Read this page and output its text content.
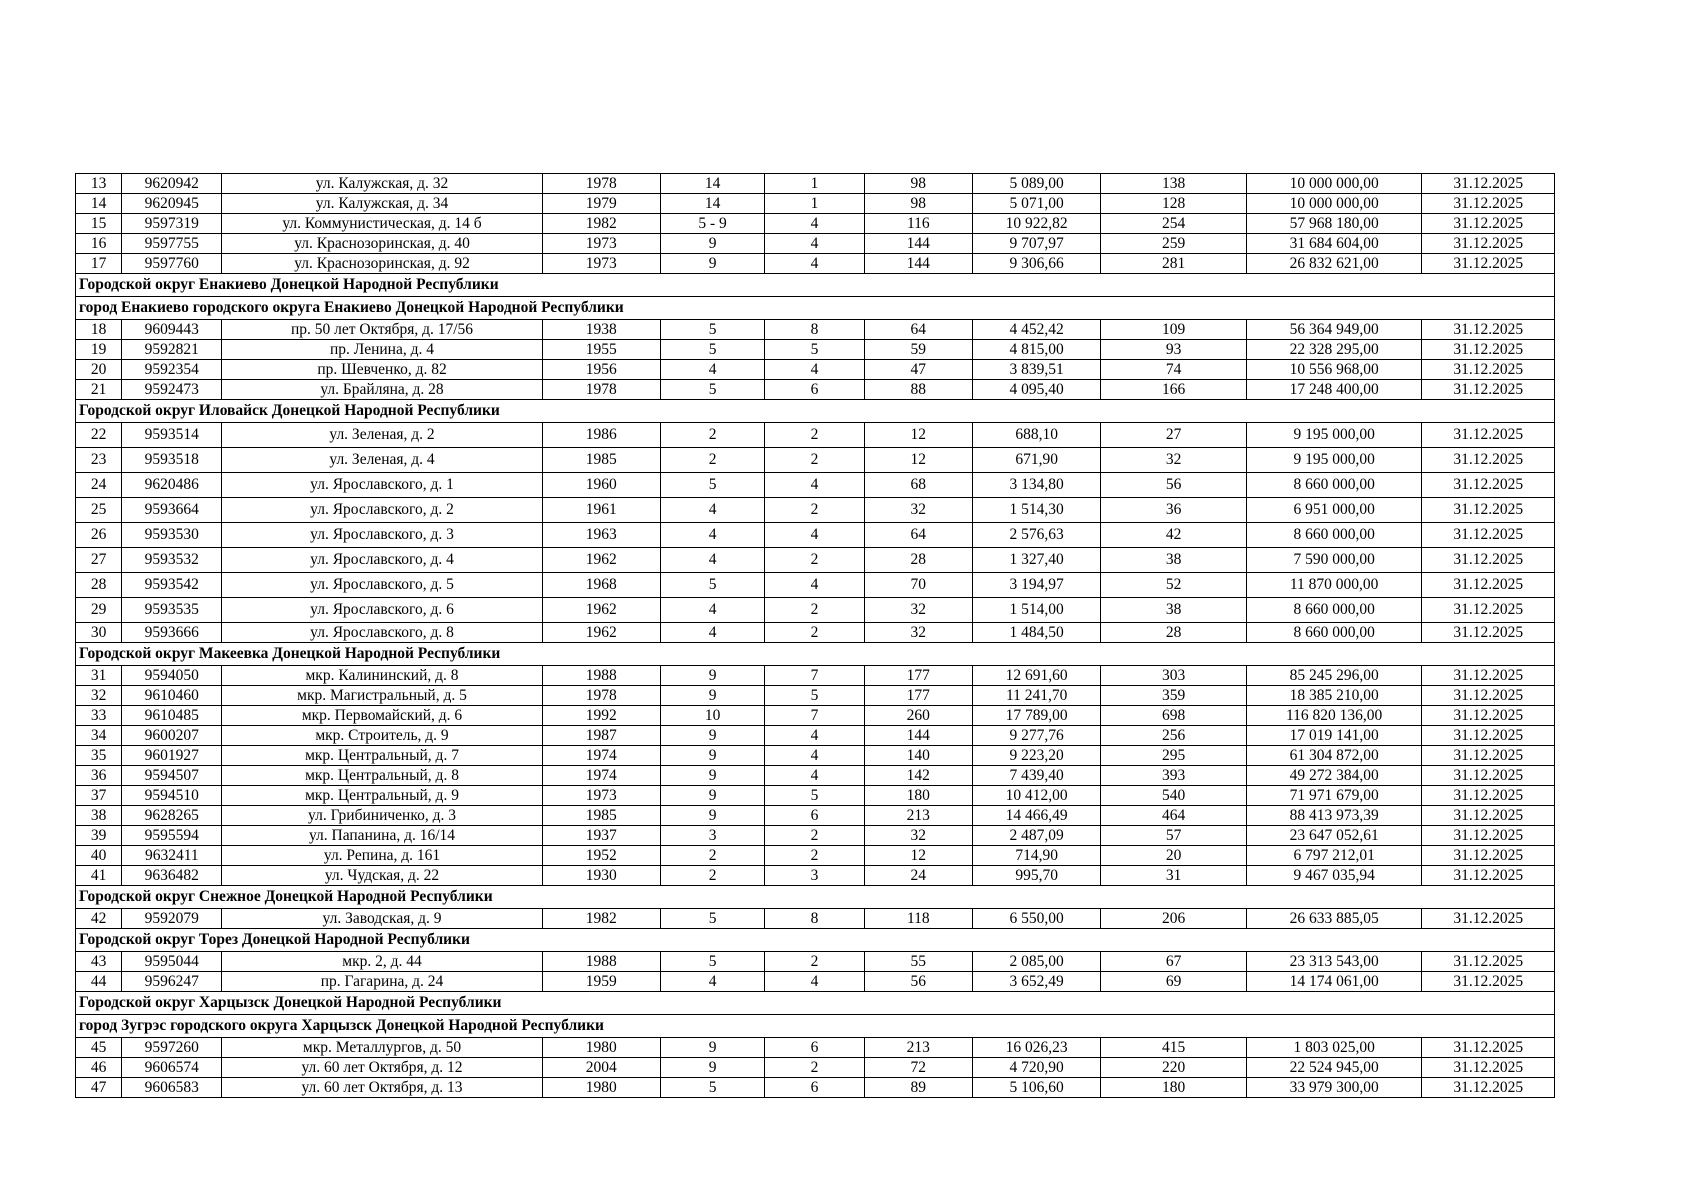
13	9620942	ул. Калужская, д. 32	1978	14	1	98	5 089,00	138	10 000 000,00	31.12.2025
14	9620945	ул. Калужская, д. 34	1979	14	1	98	5 071,00	128	10 000 000,00	31.12.2025
15	9597319	ул. Коммунистическая, д. 14 б	1982	5 - 9	4	116	10 922,82	254	57 968 180,00	31.12.2025
16	9597755	ул. Краснозоринская, д. 40	1973	9	4	144	9 707,97	259	31 684 604,00	31.12.2025
17	9597760	ул. Краснозоринская, д. 92	1973	9	4	144	9 306,66	281	26 832 621,00	31.12.2025
Городской округ Енакиево Донецкой Народной Республики										
город Енакиево городского округа Енакиево Донецкой Народной Республики										
18	9609443	пр. 50 лет Октября, д. 17/56	1938	5	8	64	4 452,42	109	56 364 949,00	31.12.2025
19	9592821	пр. Ленина, д. 4	1955	5	5	59	4 815,00	93	22 328 295,00	31.12.2025
20	9592354	пр. Шевченко, д. 82	1956	4	4	47	3 839,51	74	10 556 968,00	31.12.2025
21	9592473	ул. Брайляна, д. 28	1978	5	6	88	4 095,40	166	17 248 400,00	31.12.2025
Городской округ Иловайск Донецкой Народной Республики										
22	9593514	ул. Зеленая, д. 2	1986	2	2	12	688,10	27	9 195 000,00	31.12.2025
23	9593518	ул. Зеленая, д. 4	1985	2	2	12	671,90	32	9 195 000,00	31.12.2025
24	9620486	ул. Ярославского, д. 1	1960	5	4	68	3 134,80	56	8 660 000,00	31.12.2025
25	9593664	ул. Ярославского, д. 2	1961	4	2	32	1 514,30	36	6 951 000,00	31.12.2025
26	9593530	ул. Ярославского, д. 3	1963	4	4	64	2 576,63	42	8 660 000,00	31.12.2025
27	9593532	ул. Ярославского, д. 4	1962	4	2	28	1 327,40	38	7 590 000,00	31.12.2025
28	9593542	ул. Ярославского, д. 5	1968	5	4	70	3 194,97	52	11 870 000,00	31.12.2025
29	9593535	ул. Ярославского, д. 6	1962	4	2	32	1 514,00	38	8 660 000,00	31.12.2025
30	9593666	ул. Ярославского, д. 8	1962	4	2	32	1 484,50	28	8 660 000,00	31.12.2025
Городской округ Макеевка Донецкой Народной Республики										
31	9594050	мкр. Калининский, д. 8	1988	9	7	177	12 691,60	303	85 245 296,00	31.12.2025
32	9610460	мкр. Магистральный, д. 5	1978	9	5	177	11 241,70	359	18 385 210,00	31.12.2025
33	9610485	мкр. Первомайский, д. 6	1992	10	7	260	17 789,00	698	116 820 136,00	31.12.2025
34	9600207	мкр. Строитель, д. 9	1987	9	4	144	9 277,76	256	17 019 141,00	31.12.2025
35	9601927	мкр. Центральный, д. 7	1974	9	4	140	9 223,20	295	61 304 872,00	31.12.2025
36	9594507	мкр. Центральный, д. 8	1974	9	4	142	7 439,40	393	49 272 384,00	31.12.2025
37	9594510	мкр. Центральный, д. 9	1973	9	5	180	10 412,00	540	71 971 679,00	31.12.2025
38	9628265	ул. Грибиниченко, д. 3	1985	9	6	213	14 466,49	464	88 413 973,39	31.12.2025
39	9595594	ул. Папанина, д. 16/14	1937	3	2	32	2 487,09	57	23 647 052,61	31.12.2025
40	9632411	ул. Репина, д. 161	1952	2	2	12	714,90	20	6 797 212,01	31.12.2025
41	9636482	ул. Чудская, д. 22	1930	2	3	24	995,70	31	9 467 035,94	31.12.2025
Городской округ Снежное Донецкой Народной Республики										
42	9592079	ул. Заводская, д. 9	1982	5	8	118	6 550,00	206	26 633 885,05	31.12.2025
Городской округ Торез Донецкой Народной Республики										
43	9595044	мкр. 2, д. 44	1988	5	2	55	2 085,00	67	23 313 543,00	31.12.2025
44	9596247	пр. Гагарина, д. 24	1959	4	4	56	3 652,49	69	14 174 061,00	31.12.2025
Городской округ Харцызск Донецкой Народной Республики										
город Зугрэс городского округа Харцызск Донецкой Народной Республики										
45	9597260	мкр. Металлургов, д. 50	1980	9	6	213	16 026,23	415	1 803 025,00	31.12.2025
46	9606574	ул. 60 лет Октября, д. 12	2004	9	2	72	4 720,90	220	22 524 945,00	31.12.2025
47	9606583	ул. 60 лет Октября, д. 13	1980	5	6	89	5 106,60	180	33 979 300,00	31.12.2025
